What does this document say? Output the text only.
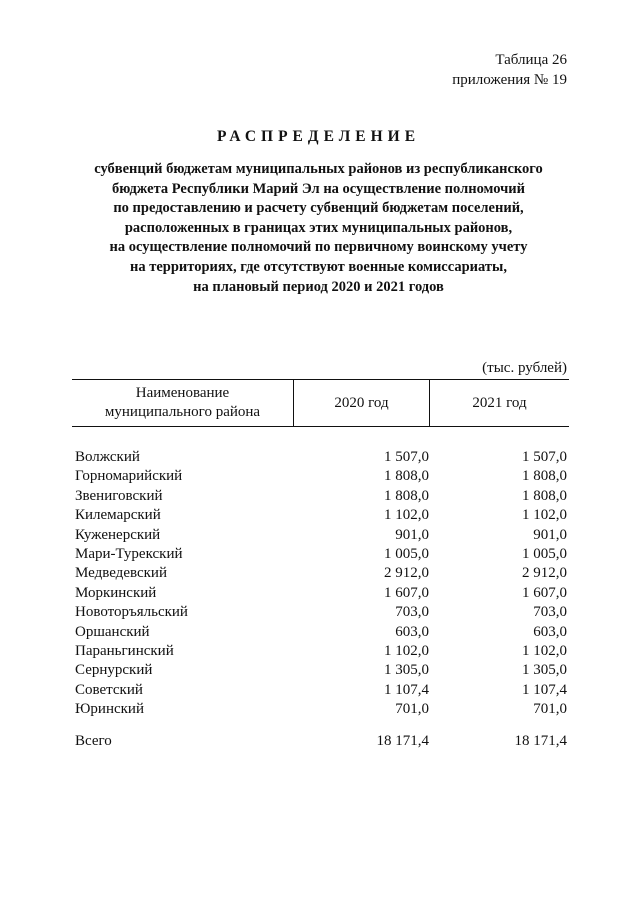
Таблица 26
приложения № 19
РАСПРЕДЕЛЕНИЕ
субвенций бюджетам муниципальных районов из республиканского
бюджета Республики Марий Эл на осуществление полномочий
по предоставлению и расчету субвенций бюджетам поселений,
расположенных в границах этих муниципальных районов,
на осуществление полномочий по первичному воинскому учету
на территориях, где отсутствуют военные комиссариаты,
на плановый период 2020 и 2021 годов
(тыс. рублей)
Наименование
муниципального района
2020 год	2021 год
Волжский	1 507,0	1 507,0
Горномарийский	1 808,0	1 808,0
Звениговский	1 808,0	1 808,0
Килемарский	1 102,0	1 102,0
Куженерский	901,0	901,0
Мари-Турекский	1 005,0	1 005,0
Медведевский	2 912,0	2 912,0
Моркинский	1 607,0	1 607,0
Новоторъяльский	703,0	703,0
Оршанский	603,0	603,0
Параньгинский	1 102,0	1 102,0
Сернурский	1 305,0	1 305,0
Советский	1 107,4	1 107,4
Юринский	701,0	701,0
Всего	18 171,4	18 171,4
